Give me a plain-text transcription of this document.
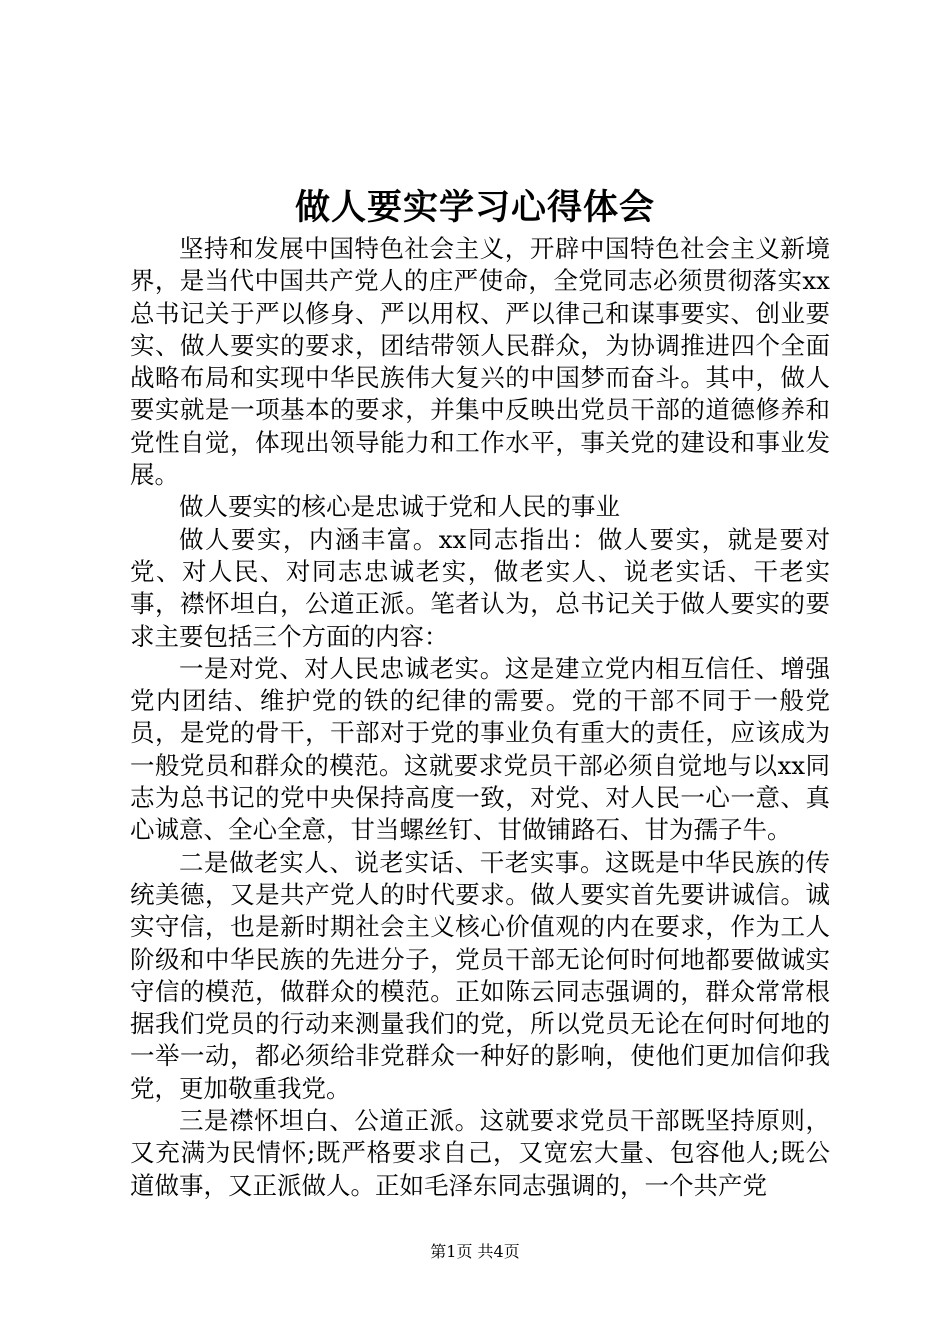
做人要实学习心得体会

坚持和发展中国特色社会主义，开辟中国特色社会主义新境界，是当代中国共产党人的庄严使命，全党同志必须贯彻落实xx总书记关于严以修身、严以用权、严以律己和谋事要实、创业要实、做人要实的要求，团结带领人民群众，为协调推进四个全面战略布局和实现中华民族伟大复兴的中国梦而奋斗。其中，做人要实就是一项基本的要求，并集中反映出党员干部的道德修养和党性自觉，体现出领导能力和工作水平，事关党的建设和事业发展。

做人要实的核心是忠诚于党和人民的事业

做人要实，内涵丰富。xx同志指出：做人要实，就是要对党、对人民、对同志忠诚老实，做老实人、说老实话、干老实事，襟怀坦白，公道正派。笔者认为，总书记关于做人要实的要求主要包括三个方面的内容：

一是对党、对人民忠诚老实。这是建立党内相互信任、增强党内团结、维护党的铁的纪律的需要。党的干部不同于一般党员，是党的骨干，干部对于党的事业负有重大的责任，应该成为一般党员和群众的模范。这就要求党员干部必须自觉地与以xx同志为总书记的党中央保持高度一致，对党、对人民一心一意、真心诚意、全心全意，甘当螺丝钉、甘做铺路石、甘为孺子牛。

二是做老实人、说老实话、干老实事。这既是中华民族的传统美德，又是共产党人的时代要求。做人要实首先要讲诚信。诚实守信，也是新时期社会主义核心价值观的内在要求，作为工人阶级和中华民族的先进分子，党员干部无论何时何地都要做诚实守信的模范，做群众的模范。正如陈云同志强调的，群众常常根据我们党员的行动来测量我们的党，所以党员无论在何时何地的一举一动，都必须给非党群众一种好的影响，使他们更加信仰我党，更加敬重我党。

三是襟怀坦白、公道正派。这就要求党员干部既坚持原则，又充满为民情怀;既严格要求自己，又宽宏大量、包容他人;既公道做事，又正派做人。正如毛泽东同志强调的，一个共产党

第1页 共4页
